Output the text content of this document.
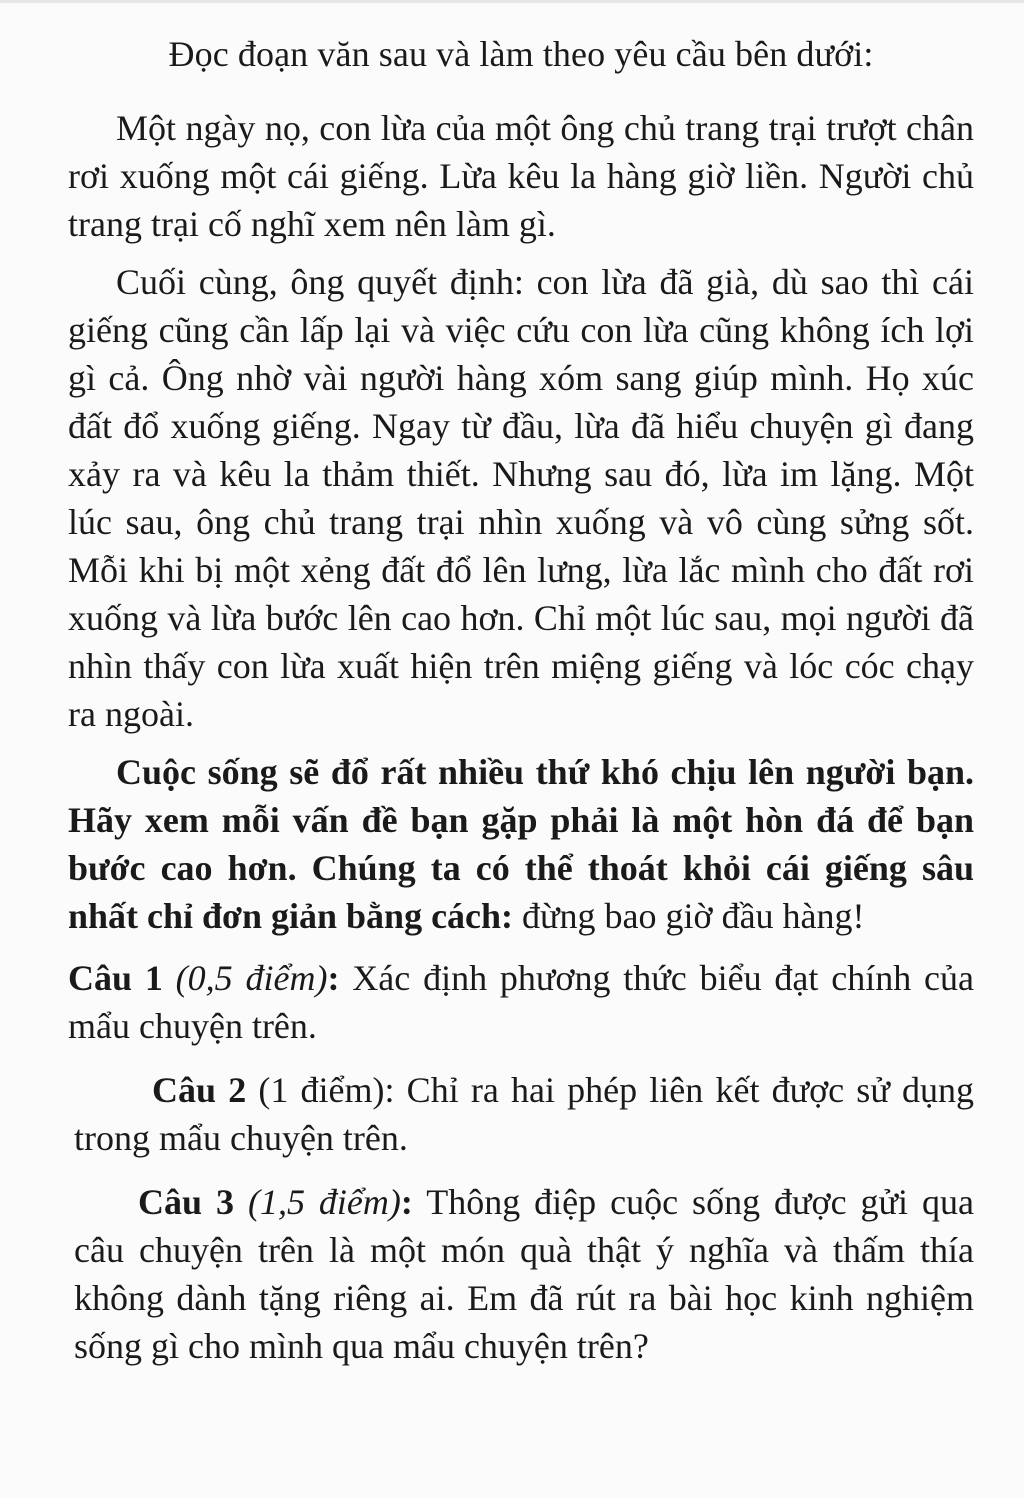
Đọc đoạn văn sau và làm theo yêu cầu bên dưới:

Một ngày nọ, con lừa của một ông chủ trang trại trượt chân rơi xuống một cái giếng. Lừa kêu la hàng giờ liền. Người chủ trang trại cố nghĩ xem nên làm gì.

Cuối cùng, ông quyết định: con lừa đã già, dù sao thì cái giếng cũng cần lấp lại và việc cứu con lừa cũng không ích lợi gì cả. Ông nhờ vài người hàng xóm sang giúp mình. Họ xúc đất đổ xuống giếng. Ngay từ đầu, lừa đã hiểu chuyện gì đang xảy ra và kêu la thảm thiết. Nhưng sau đó, lừa im lặng. Một lúc sau, ông chủ trang trại nhìn xuống và vô cùng sửng sốt. Mỗi khi bị một xẻng đất đổ lên lưng, lừa lắc mình cho đất rơi xuống và lừa bước lên cao hơn. Chỉ một lúc sau, mọi người đã nhìn thấy con lừa xuất hiện trên miệng giếng và lóc cóc chạy ra ngoài.

Cuộc sống sẽ đổ rất nhiều thứ khó chịu lên người bạn. Hãy xem mỗi vấn đề bạn gặp phải là một hòn đá để bạn bước cao hơn. Chúng ta có thể thoát khỏi cái giếng sâu nhất chỉ đơn giản bằng cách: đừng bao giờ đầu hàng!

Câu 1 (0,5 điểm): Xác định phương thức biểu đạt chính của mẩu chuyện trên.

Câu 2 (1 điểm): Chỉ ra hai phép liên kết được sử dụng trong mẩu chuyện trên.

Câu 3 (1,5 điểm): Thông điệp cuộc sống được gửi qua câu chuyện trên là một món quà thật ý nghĩa và thấm thía không dành tặng riêng ai. Em đã rút ra bài học kinh nghiệm sống gì cho mình qua mẩu chuyện trên?
